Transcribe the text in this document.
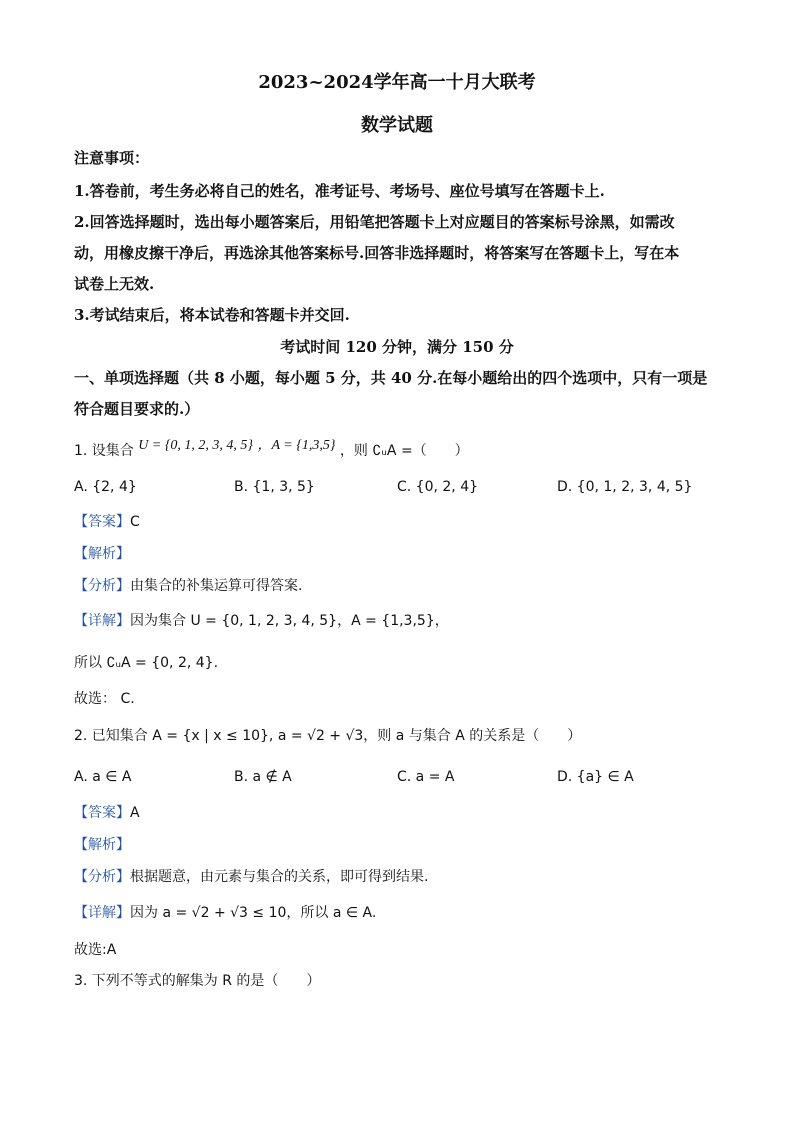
2023~2024学年高一十月大联考
数学试题
注意事项：
1.答卷前，考生务必将自己的姓名，准考证号、考场号、座位号填写在答题卡上.
2.回答选择题时，选出每小题答案后，用铅笔把答题卡上对应题目的答案标号涂黑，如需改
动，用橡皮擦干净后，再选涂其他答案标号.回答非选择题时，将答案写在答题卡上，写在本
试卷上无效.
3.考试结束后，将本试卷和答题卡并交回.
考试时间 120 分钟，满分 150 分
一、单项选择题（共 8 小题，每小题 5 分，共 40 分.在每小题给出的四个选项中，只有一项是
符合题目要求的.）
1. 设集合 U = {0, 1, 2, 3, 4, 5} ，A = {1,3,5} ，则 ∁ᵤA =（　　）
A. {2, 4}	B. {1, 3, 5}	C. {0, 2, 4}	D. {0, 1, 2, 3, 4, 5}
【答案】C
【解析】
【分析】由集合的补集运算可得答案.
【详解】因为集合 U = {0, 1, 2, 3, 4, 5}，A = {1,3,5}，
所以 ∁ᵤA = {0, 2, 4}.
故选： C.
2. 已知集合 A = {x | x ≤ 10}, a = √2 + √3，则 a 与集合 A 的关系是（　　）
A. a ∈ A	B. a ∉ A	C. a = A	D. {a} ∈ A
【答案】A
【解析】
【分析】根据题意，由元素与集合的关系，即可得到结果.
【详解】因为 a = √2 + √3 ≤ 10，所以 a ∈ A.
故选:A
3. 下列不等式的解集为 R 的是（　　）
